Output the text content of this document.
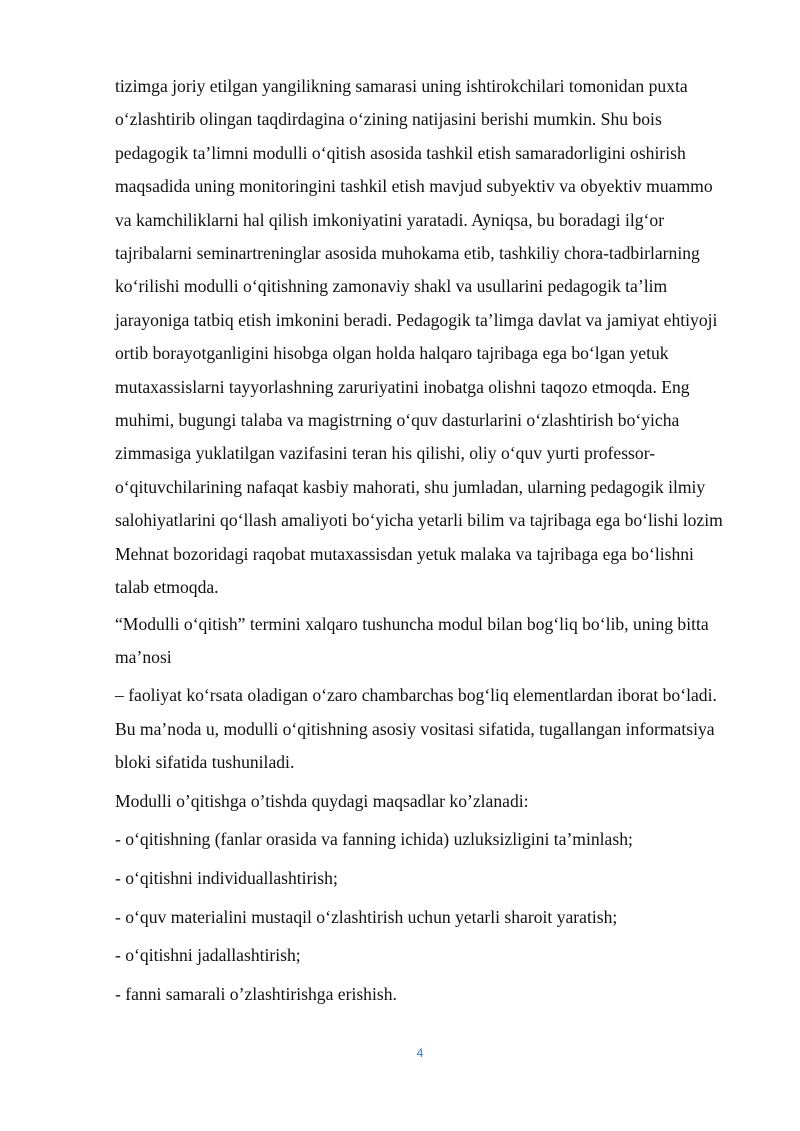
tizimga joriy etilgan yangilikning samarasi uning ishtirokchilari tomonidan puxta o‘zlashtirib olingan taqdirdagina o‘zining natijasini berishi mumkin. Shu bois pedagogik ta’limni modulli o‘qitish asosida tashkil etish samaradorligini oshirish maqsadida uning monitoringini tashkil etish mavjud subyektiv va obyektiv muammo va kamchiliklarni hal qilish imkoniyatini yaratadi. Ayniqsa, bu boradagi ilg‘or tajribalarni seminartreninglar asosida muhokama etib, tashkiliy chora-tadbirlarning ko‘rilishi modulli o‘qitishning zamonaviy shakl va usullarini pedagogik ta’lim jarayoniga tatbiq etish imkonini beradi. Pedagogik ta’limga davlat va jamiyat ehtiyoji ortib borayotganligini hisobga olgan holda halqaro tajribaga ega bo‘lgan yetuk mutaxassislarni tayyorlashning zaruriyatini inobatga olishni taqozo etmoqda. Eng muhimi, bugungi talaba va magistrning o‘quv dasturlarini o‘zlashtirish bo‘yicha zimmasiga yuklatilgan vazifasini teran his qilishi, oliy o‘quv yurti professor-o‘qituvchilarining nafaqat kasbiy mahorati, shu jumladan, ularning pedagogik ilmiy salohiyatlarini qo‘llash amaliyoti bo‘yicha yetarli bilim va tajribaga ega bo‘lishi lozim Mehnat bozoridagi raqobat mutaxassisdan yetuk malaka va tajribaga ega bo‘lishni talab etmoqda.

“Modulli o‘qitish” termini xalqaro tushuncha modul bilan bog‘liq bo‘lib, uning bitta ma’nosi

– faoliyat ko‘rsata oladigan o‘zaro chambarchas bog‘liq elementlardan iborat bo‘ladi. Bu ma’noda u, modulli o‘qitishning asosiy vositasi sifatida, tugallangan informatsiya bloki sifatida tushuniladi.

Modulli o’qitishga o’tishda quydagi maqsadlar ko’zlanadi:

- o‘qitishning (fanlar orasida va fanning ichida) uzluksizligini ta’minlash;

- o‘qitishni individuallashtirish;

- o‘quv materialini mustaqil o‘zlashtirish uchun yetarli sharoit yaratish;

- o‘qitishni jadallashtirish;

- fanni samarali o’zlashtirishga erishish.

4
